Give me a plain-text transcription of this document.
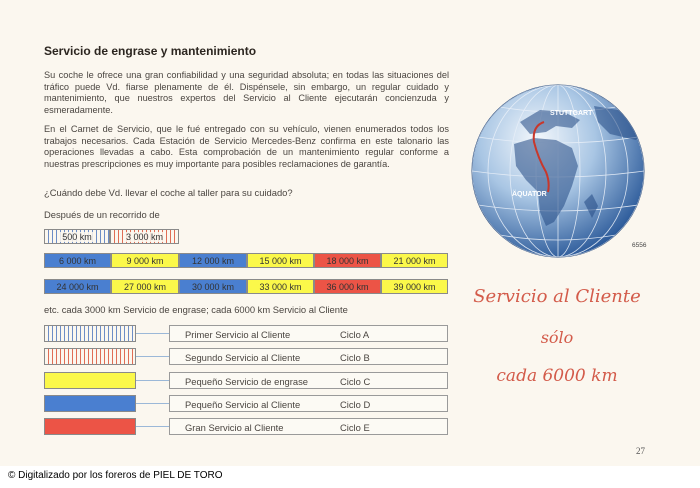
Servicio de engrase y mantenimiento

Su coche le ofrece una gran confiabilidad y una seguridad absoluta; en todas las situaciones del tráfico puede Vd. fiarse plenamente de él. Dispénsele, sin embargo, un regular cuidado y mantenimiento, que nuestros expertos del Servicio al Cliente ejecutarán concienzuda y esmeradamente.

En el Carnet de Servicio, que le fué entregado con su vehículo, vienen enumerados todos los trabajos necesarios. Cada Estación de Servicio Mercedes-Benz confirma en este talonario las operaciones llevadas a cabo. Esta comprobación de un mantenimiento regular conforme a nuestras prescripciones es muy importante para posibles reclamaciones de garantía.

¿Cuándo debe Vd. llevar el coche al taller para su cuidado?

Después de un recorrido de

500 km	3 000 km
6 000 km	9 000 km	12 000 km	15 000 km	18 000 km	21 000 km
24 000 km	27 000 km	30 000 km	33 000 km	36 000 km	39 000 km

etc. cada 3000 km Servicio de engrase; cada 6000 km Servicio al Cliente

Primer Servicio al Cliente	Ciclo A
Segundo Servicio al Cliente	Ciclo B
Pequeño Servicio de engrase	Ciclo C
Pequeño Servicio al Cliente	Ciclo D
Gran Servicio al Cliente	Ciclo E
STUTTGART
ÄQUATOR
6556
Servicio al Cliente
sólo
cada 6000 km
27
© Digitalizado por los foreros de PIEL DE TORO
